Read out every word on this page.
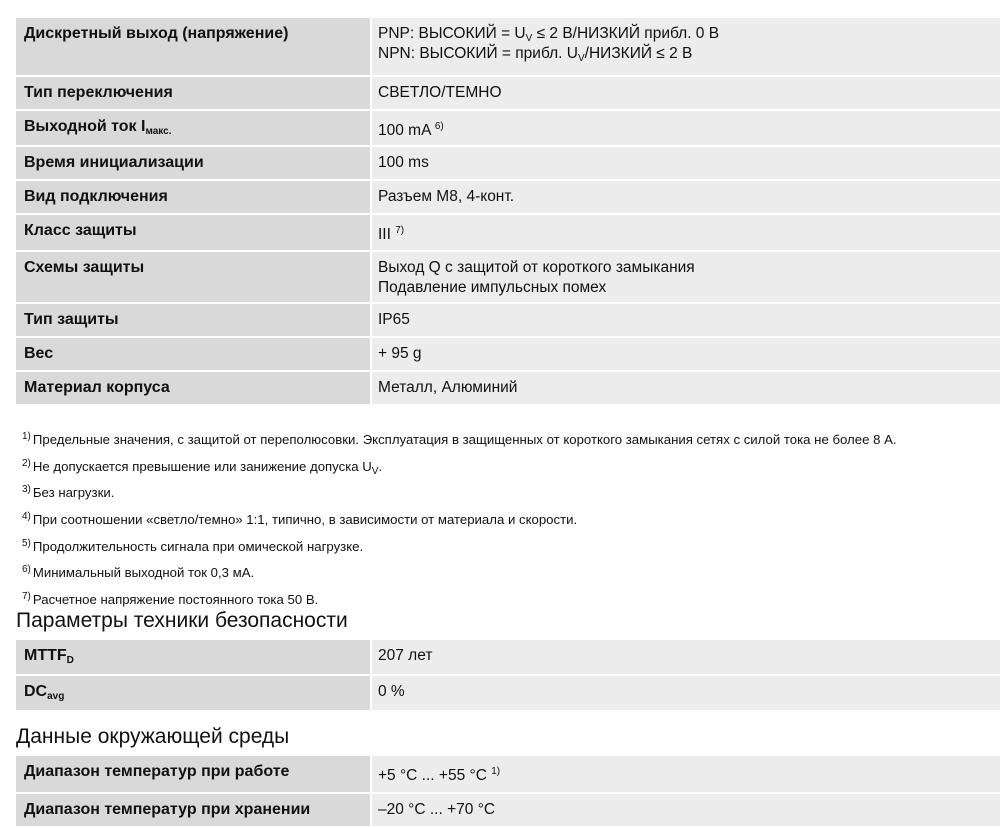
Дискретный выход (напряжение)	PNP: ВЫСОКИЙ = $U_V \le 2$ В/НИЗКИЙ прибл. 0 В
NPN: ВЫСОКИЙ = прибл. $U_V$/НИЗКИЙ ≤ 2 В
Тип переключения	СВЕТЛО/ТЕМНО
Выходной ток $I_{макс.}$	100 mA $^{6)}$
Время инициализации	100 ms
Вид подключения	Разъем M8, 4-конт.
Класс защиты	III $^{7)}$
Схемы защиты	Выход Q с защитой от короткого замыкания
Подавление импульсных помех
Тип защиты	IP65
Вес	+ 95 g
Материал корпуса	Металл, Алюминий
$^{1)}$ Предельные значения, с защитой от переполюсовки. Эксплуатация в защищенных от короткого замыкания сетях с силой тока не более 8 А.
$^{2)}$ Не допускается превышение или занижение допуска $U_V$.
$^{3)}$ Без нагрузки.
$^{4)}$ При соотношении «светло/темно» 1:1, типично, в зависимости от материала и скорости.
$^{5)}$ Продолжительность сигнала при омической нагрузке.
$^{6)}$ Минимальный выходной ток 0,3 мА.
$^{7)}$ Расчетное напряжение постоянного тока 50 В.
Параметры техники безопасности
$MTTF_D$	207 лет
$DC_{avg}$	0 %
Данные окружающей среды
Диапазон температур при работе	+5 °C ... +55 °C $^{1)}$
Диапазон температур при хранении	–20 °C ... +70 °C
